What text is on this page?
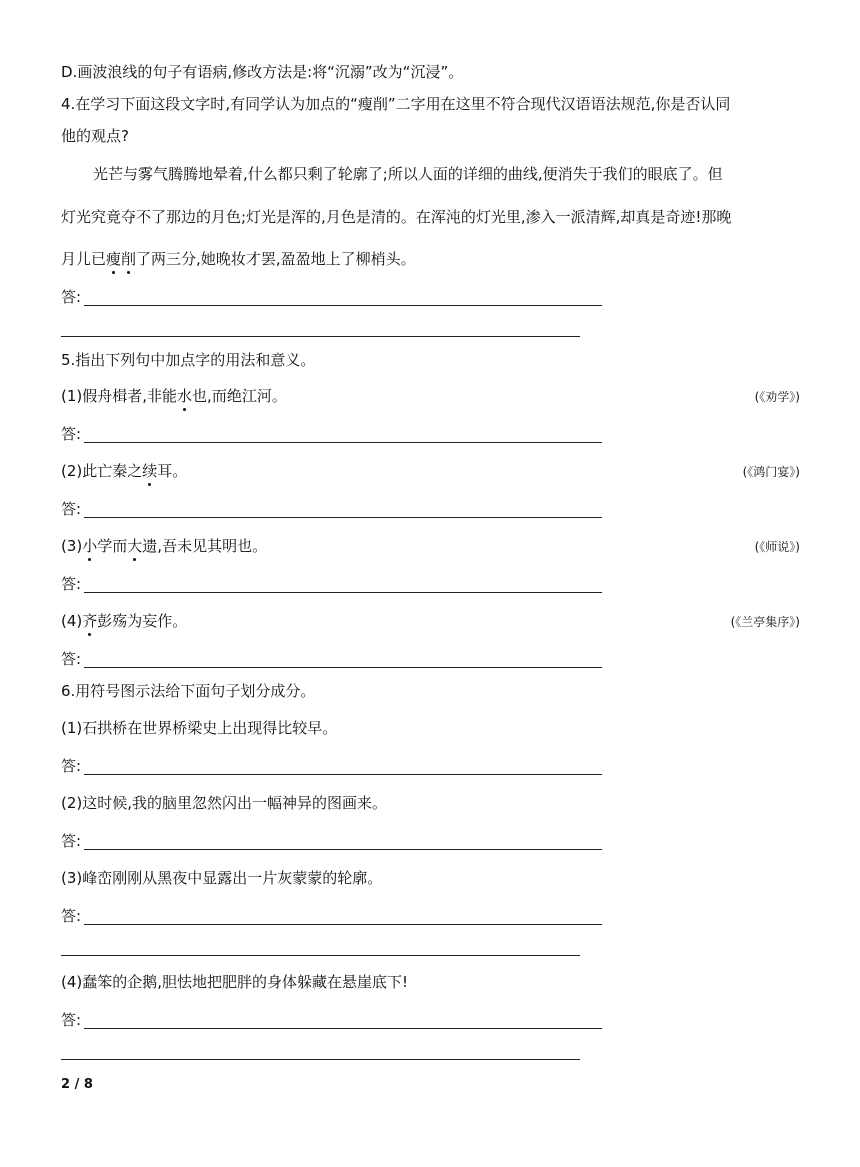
D.画波浪线的句子有语病,修改方法是:将“沉溺”改为“沉浸”。
4.在学习下面这段文字时,有同学认为加点的“瘦削”二字用在这里不符合现代汉语语法规范,你是否认同
他的观点?
光芒与雾气腾腾地晕着,什么都只剩了轮廓了;所以人面的详细的曲线,便消失于我们的眼底了。但
灯光究竟夺不了那边的月色;灯光是浑的,月色是清的。在浑沌的灯光里,渗入一派清辉,却真是奇迹!那晚
月儿已瘦削了两三分,她晚妆才罢,盈盈地上了柳梢头。
答:
5.指出下列句中加点字的用法和意义。
(1)假舟楫者,非能水也,而绝江河。	(《劝学》)
答:
(2)此亡秦之续耳。	(《鸿门宴》)
答:
(3)小学而大遗,吾未见其明也。	(《师说》)
答:
(4)齐彭殇为妄作。	(《兰亭集序》)
答:
6.用符号图示法给下面句子划分成分。
(1)石拱桥在世界桥梁史上出现得比较早。
答:
(2)这时候,我的脑里忽然闪出一幅神异的图画来。
答:
(3)峰峦刚刚从黑夜中显露出一片灰蒙蒙的轮廓。
答:
(4)蠢笨的企鹅,胆怯地把肥胖的身体躲藏在悬崖底下!
答:
2 / 8
